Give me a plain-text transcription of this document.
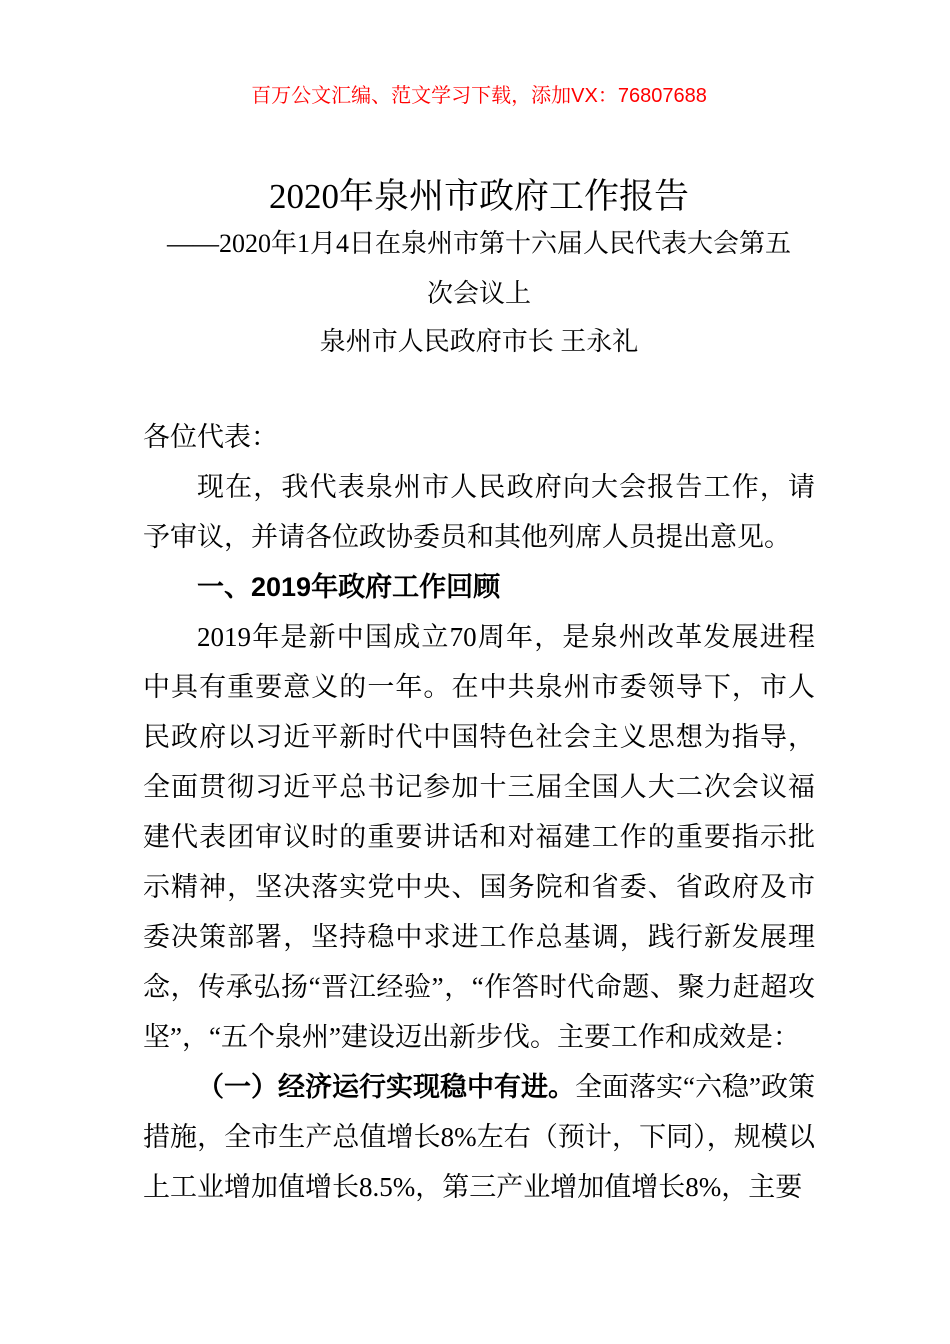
百万公文汇编、范文学习下载，添加VX：76807688
2020年泉州市政府工作报告
——2020年1月4日在泉州市第十六届人民代表大会第五
次会议上
泉州市人民政府市长 王永礼

各位代表：

现在，我代表泉州市人民政府向大会报告工作，请予审议，并请各位政协委员和其他列席人员提出意见。

一、2019年政府工作回顾

2019年是新中国成立70周年，是泉州改革发展进程中具有重要意义的一年。在中共泉州市委领导下，市人民政府以习近平新时代中国特色社会主义思想为指导，全面贯彻习近平总书记参加十三届全国人大二次会议福建代表团审议时的重要讲话和对福建工作的重要指示批示精神，坚决落实党中央、国务院和省委、省政府及市委决策部署，坚持稳中求进工作总基调，践行新发展理念，传承弘扬“晋江经验”，“作答时代命题、聚力赶超攻坚”，“五个泉州”建设迈出新步伐。主要工作和成效是：

（一）经济运行实现稳中有进。全面落实“六稳”政策措施，全市生产总值增长8%左右（预计，下同），规模以上工业增加值增长8.5%，第三产业增加值增长8%，主要
